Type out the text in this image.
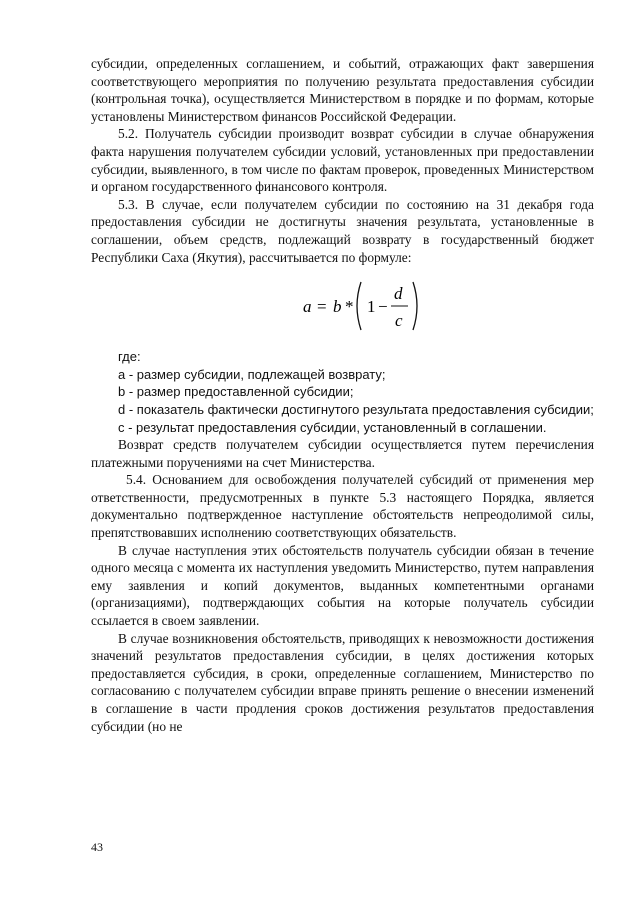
субсидии, определенных соглашением, и событий, отражающих факт завершения соответствующего мероприятия по получению результата предоставления субсидии (контрольная точка), осуществляется Министерством в порядке и по формам, которые установлены Министерством финансов Российской Федерации.

5.2. Получатель субсидии производит возврат субсидии в случае обнаружения факта нарушения получателем субсидии условий, установленных при предоставлении субсидии, выявленного, в том числе по фактам проверок, проведенных Министерством и органом государственного финансового контроля.

5.3. В случае, если получателем субсидии по состоянию на 31 декабря года предоставления субсидии не достигнуты значения результата, установленные в соглашении, объем средств, подлежащий возврату в государственный бюджет Республики Саха (Якутия), рассчитывается по формуле:

a = b * 1 −
d
c

где:

а - размер субсидии, подлежащей возврату;

b - размер предоставленной субсидии;

d - показатель фактически достигнутого результата предоставления субсидии;

с - результат предоставления субсидии, установленный в соглашении.

Возврат средств получателем субсидии осуществляется путем перечисления платежными поручениями на счет Министерства.

5.4. Основанием для освобождения получателей субсидий от применения мер ответственности, предусмотренных в пункте 5.3 настоящего Порядка, является документально подтвержденное наступление обстоятельств непреодолимой силы, препятствовавших исполнению соответствующих обязательств.

В случае наступления этих обстоятельств получатель субсидии обязан в течение одного месяца с момента их наступления уведомить Министерство, путем направления ему заявления и копий документов, выданных компетентными органами (организациями), подтверждающих события на которые получатель субсидии ссылается в своем заявлении.

В случае возникновения обстоятельств, приводящих к невозможности достижения значений результатов предоставления субсидии, в целях достижения которых предоставляется субсидия, в сроки, определенные соглашением, Министерство по согласованию с получателем субсидии вправе принять решение о внесении изменений в соглашение в части продления сроков достижения результатов предоставления субсидии (но не

43
